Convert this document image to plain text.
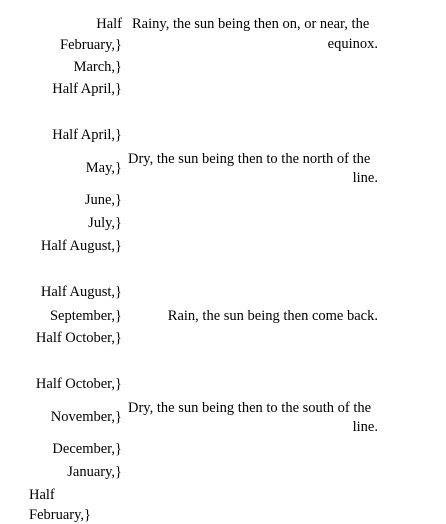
Half
February,}
March,}
Half April,}
Rainy, the sun being then on, or near, the
equinox.
Half April,}
May,}
June,}
July,}
Half August,}
Dry, the sun being then to the north of the
line.
Half August,}
September,}
Half October,}
Rain, the sun being then come back.
Half October,}
November,}
December,}
January,}
Half
February,}
Dry, the sun being then to the south of the
line.
